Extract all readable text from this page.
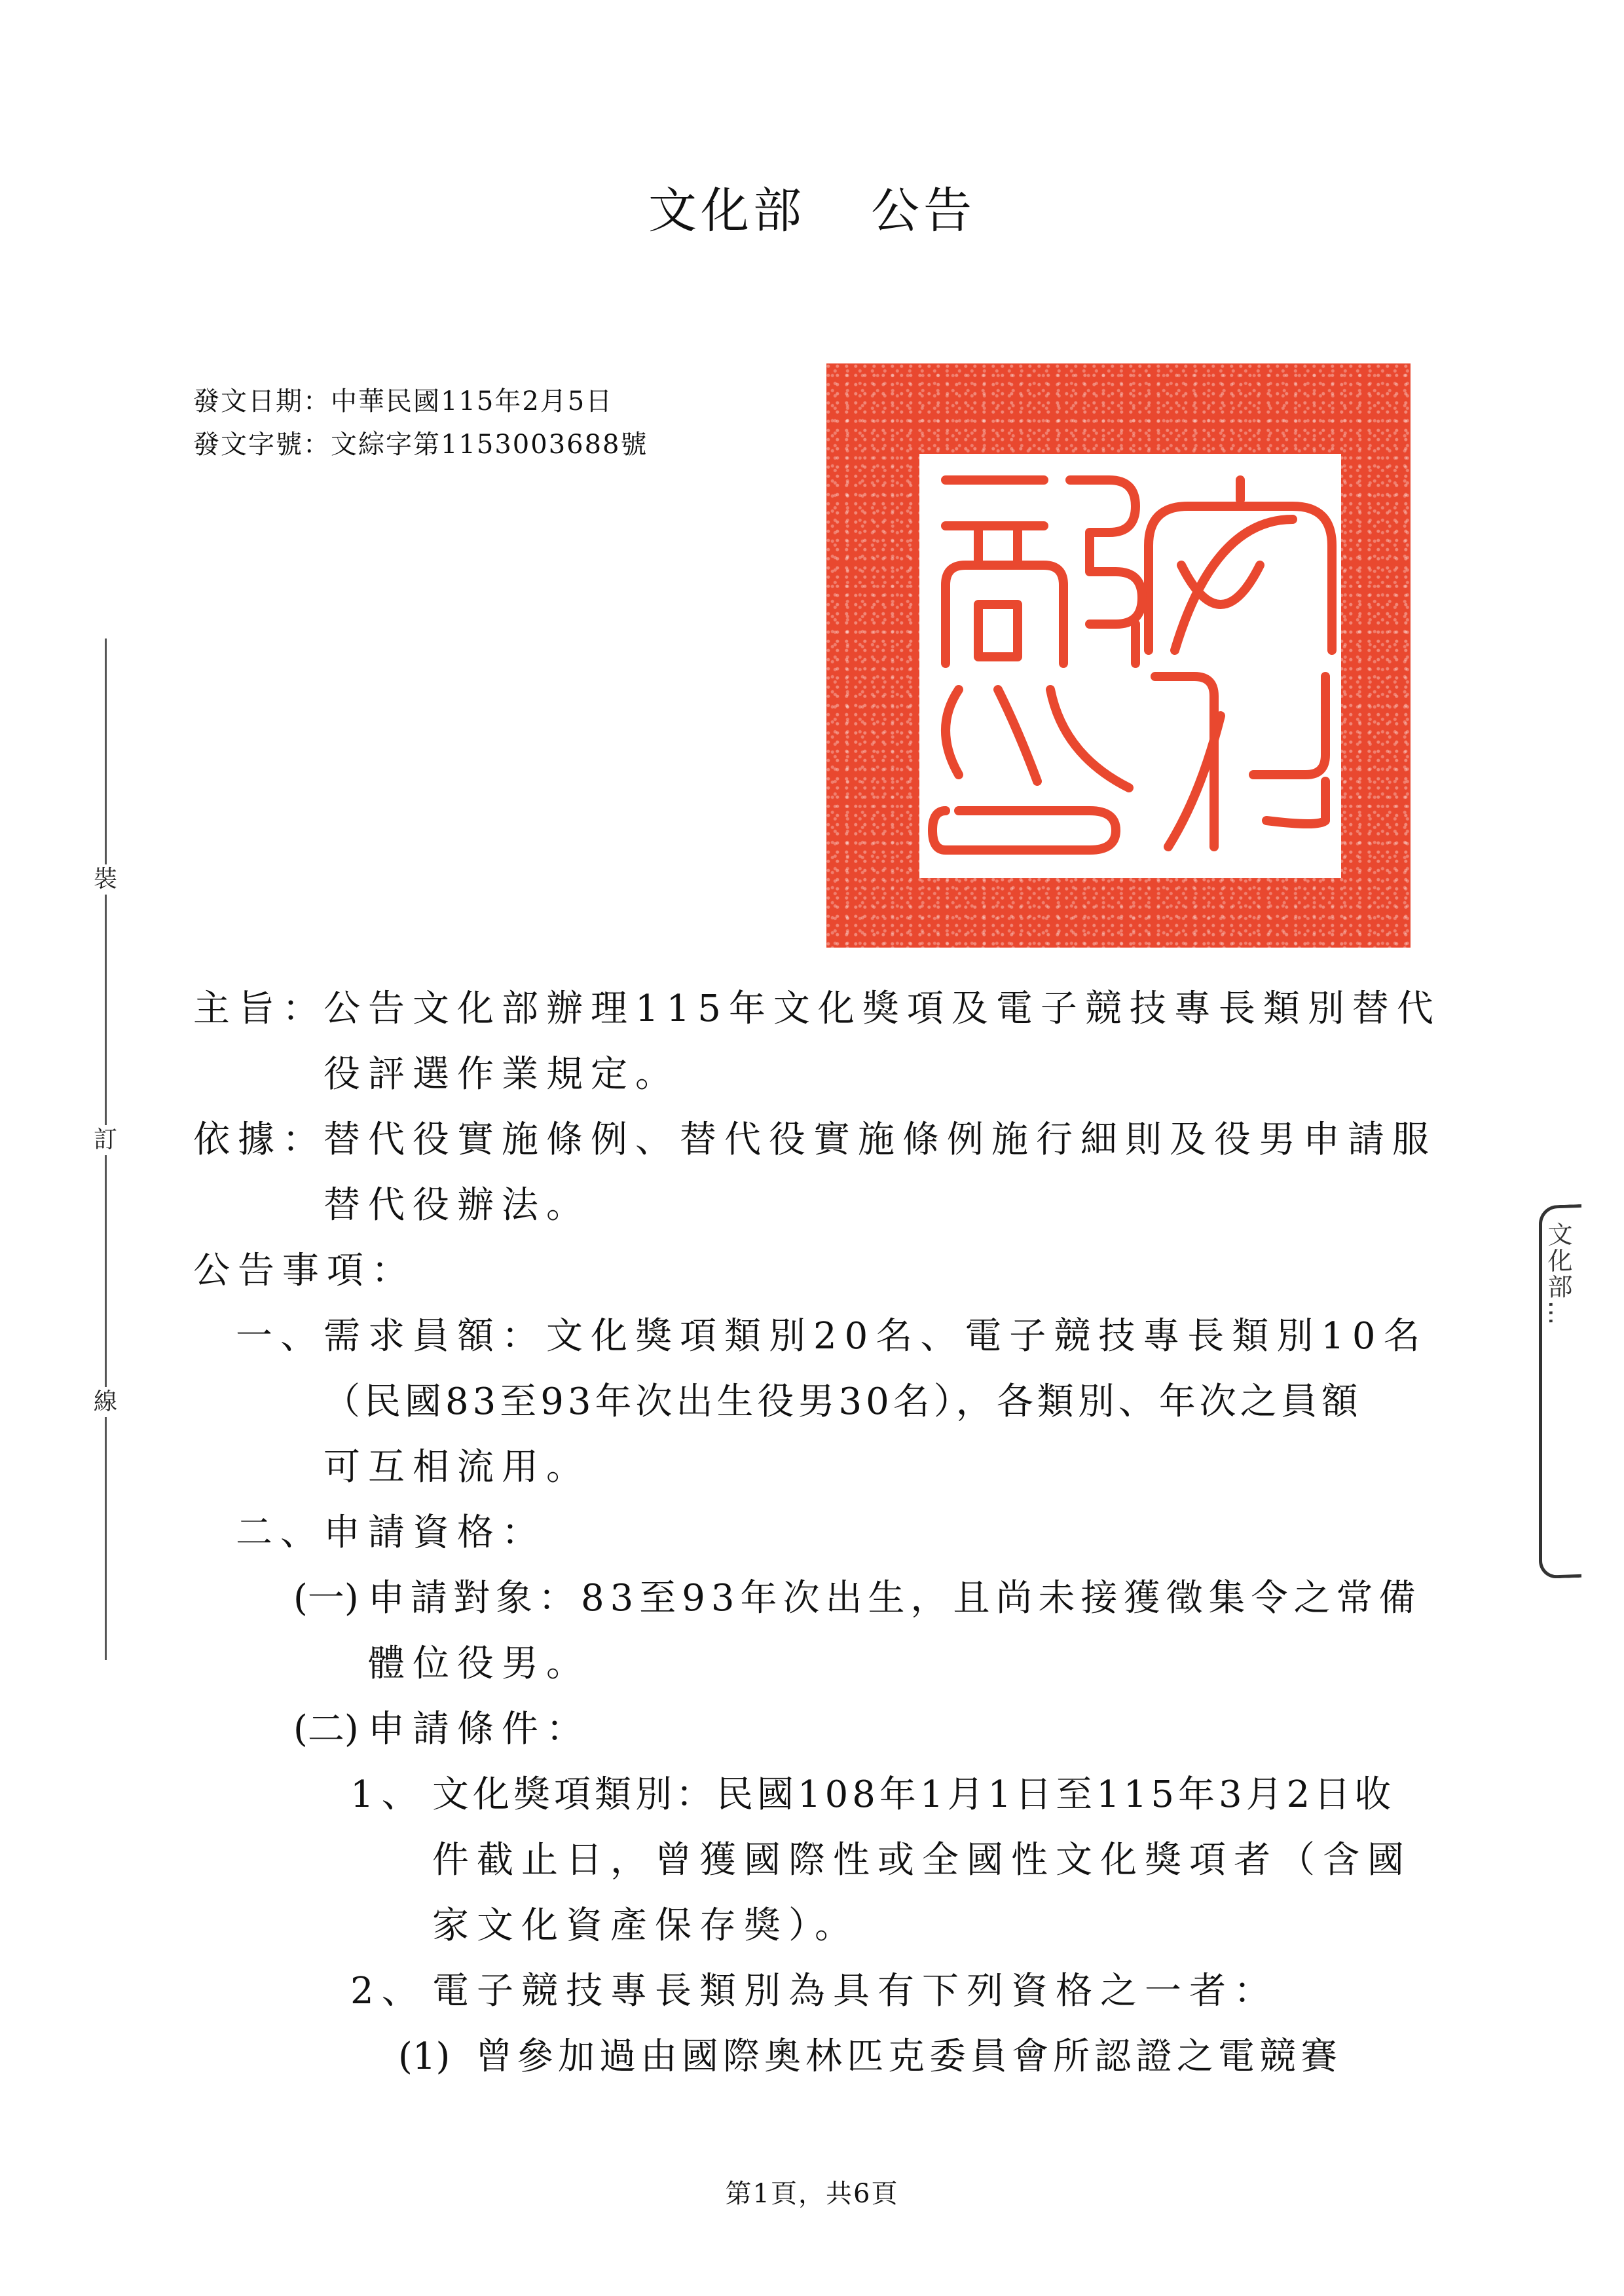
文化部 公告
發文日期：中華民國115年2月5日
發文字號：文綜字第1153003688號
裝
訂
線
主旨：
公告文化部辦理115年文化獎項及電子競技專長類別替代
役評選作業規定。
依據：
替代役實施條例、替代役實施條例施行細則及役男申請服
替代役辦法。
公告事項：
一、
需求員額：文化獎項類別20名、電子競技專長類別10名
（民國83至93年次出生役男30名），各類別、年次之員額
可互相流用。
二、
申請資格：
(一) 申請對象：83至93年次出生，且尚未接獲徵集令之常備
體位役男。
(二) 申請條件：
1、 文化獎項類別：民國108年1月1日至115年3月2日收
件截止日，曾獲國際性或全國性文化獎項者（含國
家文化資產保存獎）。
2、 電子競技專長類別為具有下列資格之一者：
(1) 曾參加過由國際奧林匹克委員會所認證之電競賽
文化部…
第1頁，共6頁
